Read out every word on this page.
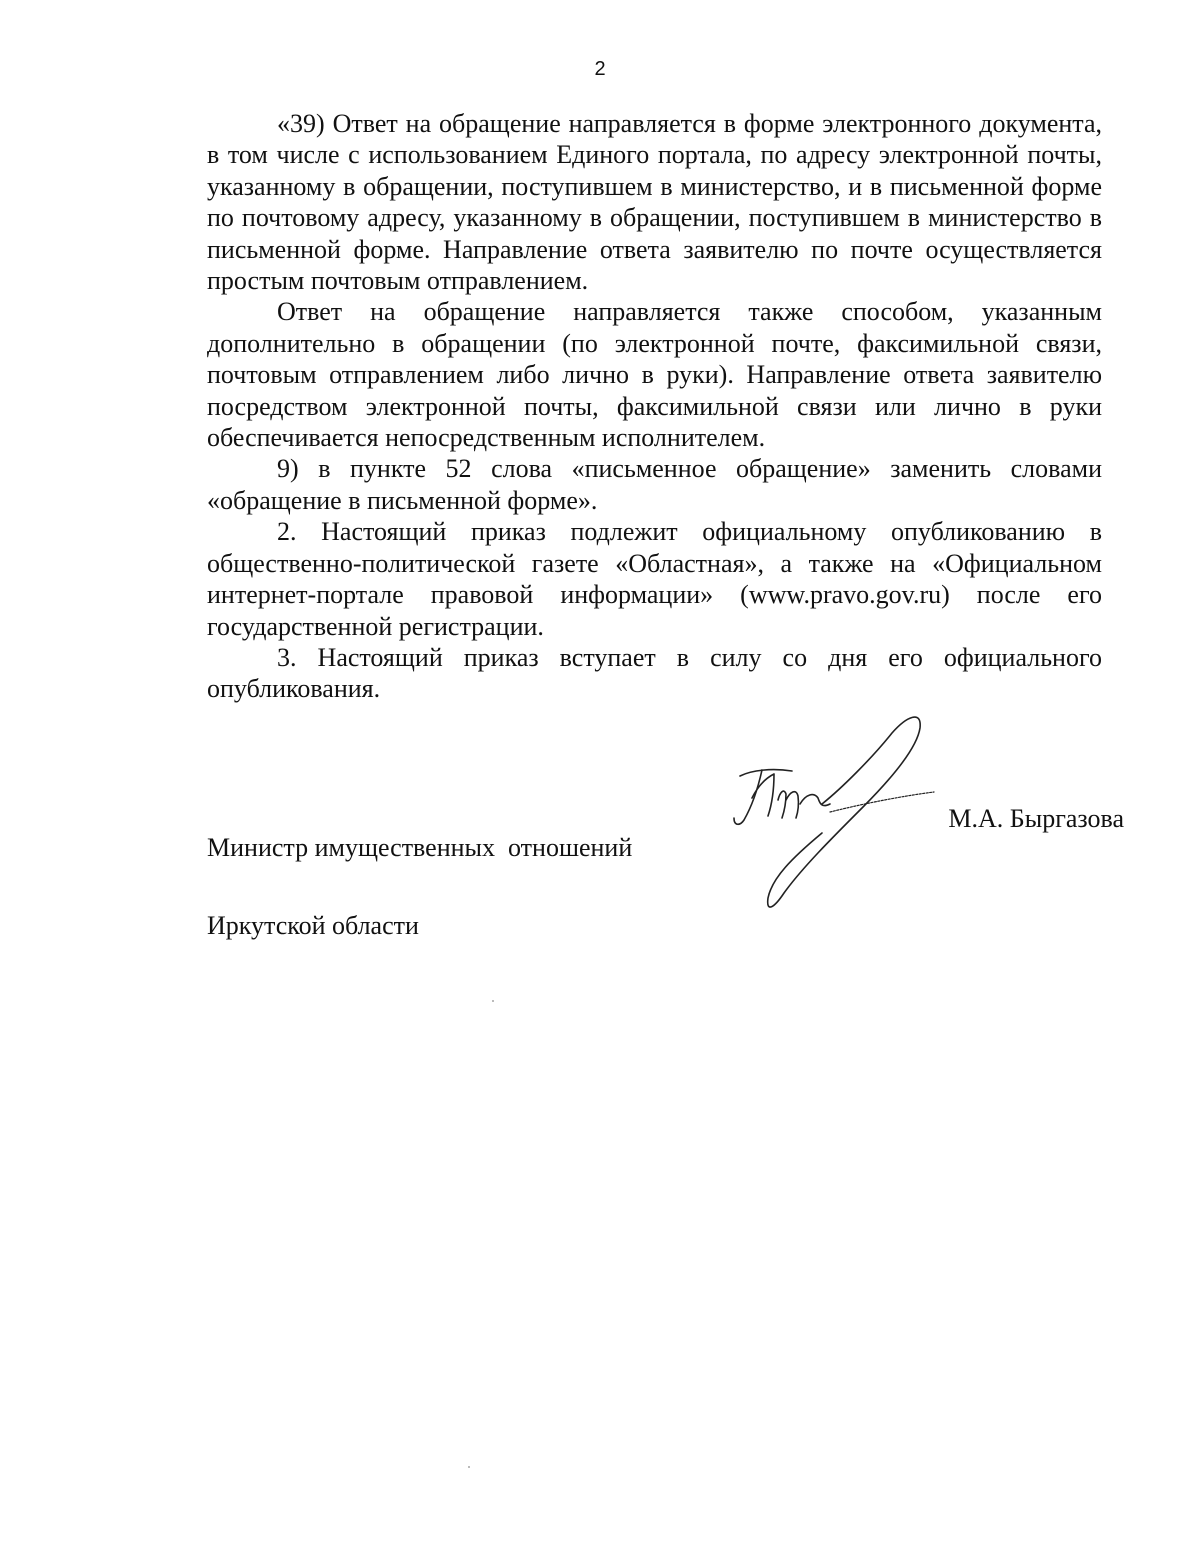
2

«39) Ответ на обращение направляется в форме электронного документа, в том числе с использованием Единого портала, по адресу электронной почты, указанному в обращении, поступившем в министерство, и в письменной форме по почтовому адресу, указанному в обращении, поступившем в министерство в письменной форме. Направление ответа заявителю по почте осуществляется простым почтовым отправлением.

Ответ на обращение направляется также способом, указанным дополнительно в обращении (по электронной почте, факсимильной связи, почтовым отправлением либо лично в руки). Направление ответа заявителю посредством электронной почты, факсимильной связи или лично в руки обеспечивается непосредственным исполнителем.

9) в пункте 52 слова «письменное обращение» заменить словами «обращение в письменной форме».

2. Настоящий приказ подлежит официальному опубликованию в общественно-политической газете «Областная», а также на «Официальном интернет-портале правовой информации» (www.pravo.gov.ru) после его государственной регистрации.

3. Настоящий приказ вступает в силу со дня его официального опубликования.

Министр имущественных  отношений

Иркутской области

М.А. Быргазова
